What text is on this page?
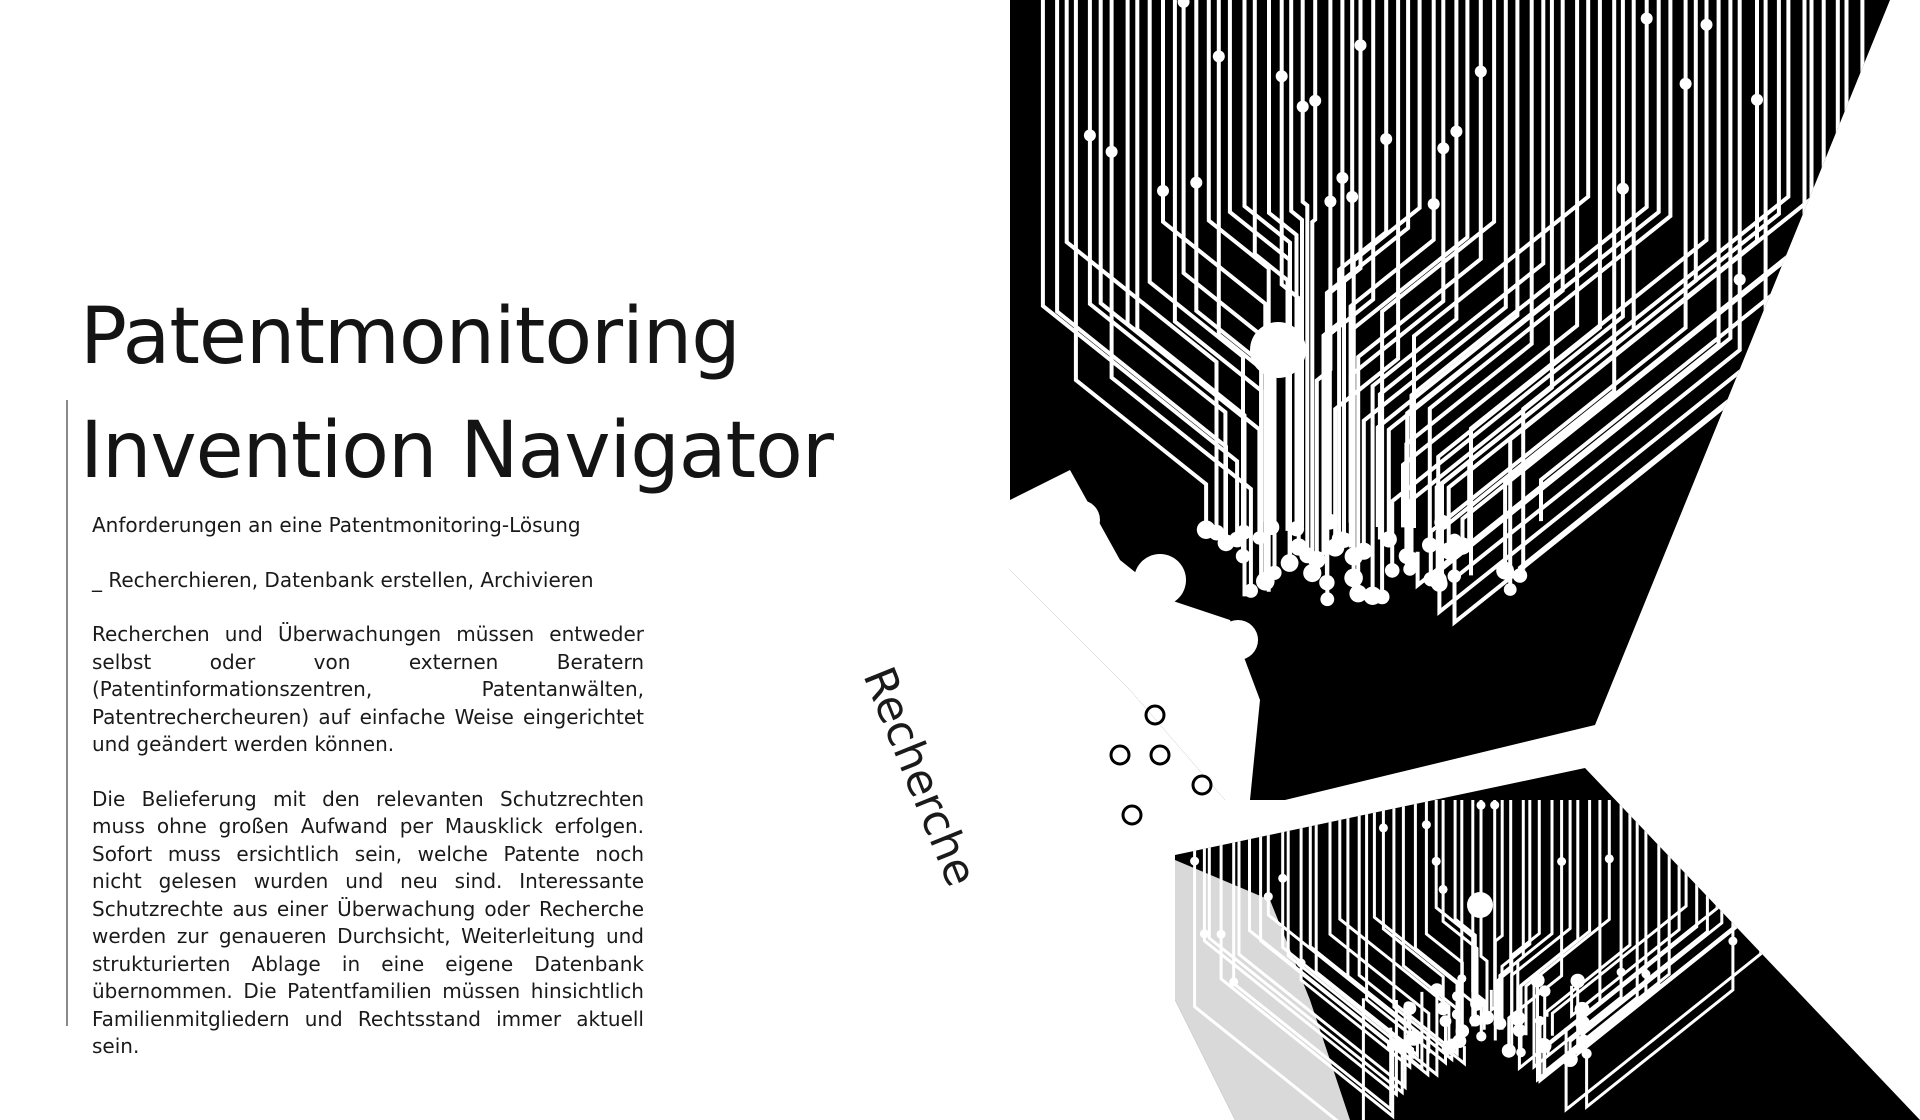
Patentmonitoring
Invention Navigator

Anforderungen an eine Patentmonitoring-Lösung

_ Recherchieren, Datenbank erstellen, Archivieren

Recherchen und Überwachungen müssen entweder selbst oder von externen Beratern (Patentinformationszentren, Patentanwälten, Patentrechercheuren) auf einfache Weise eingerichtet und geändert werden können.

Die Belieferung mit den relevanten Schutzrechten muss ohne großen Aufwand per Mausklick erfolgen. Sofort muss ersichtlich sein, welche Patente noch nicht gelesen wurden und neu sind. Interessante Schutzrechte aus einer Überwachung oder Recherche werden zur genaueren Durchsicht, Weiterleitung und strukturierten Ablage in eine eigene Datenbank übernommen. Die Patentfamilien müssen hinsichtlich Familienmitgliedern und Rechtsstand immer aktuell sein.

Recherche
